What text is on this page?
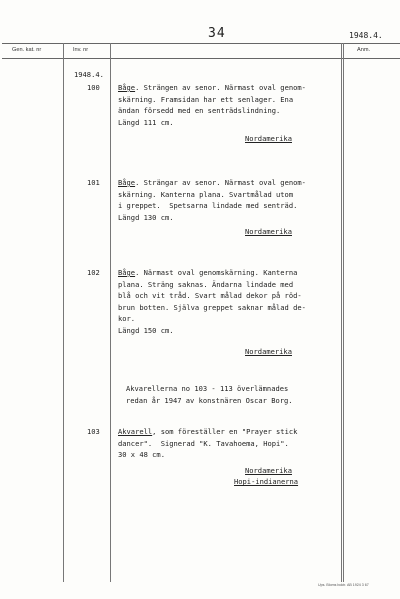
34	1948.4.
Gen. kat. nr	Inv. nr	Anm.
1948.4.
100	Båge. Strängen av senor. Närmast oval genom-
skärning. Framsidan har ett senlager. Ena
ändan försedd med en senträdslindning.
Längd 111 cm.
Nordamerika
101	Båge. Strängar av senor. Närmast oval genom-
skärning. Kanterna plana. Svartmålad utom
i greppet.  Spetsarna lindade med senträd.
Längd 130 cm.
Nordamerika
102	Båge. Närmast oval genomskärning. Kanterna
plana. Sträng saknas. Ändarna lindade med
blå och vit tråd. Svart målad dekor på röd-
brun botten. Själva greppet saknar målad de-
kor.
Längd 150 cm.
Nordamerika
Akvarellerna no 103 - 113 överlämnades
redan år 1947 av konstnären Oscar Borg.
103	Akvarell, som föreställer en "Prayer stick
dancer".  Signerad "K. Tavahoema, Hopi".
30 x 48 cm.
Nordamerika
Hopi-indianerna
Ups. Bloms boktr. AB 1924 3 67
